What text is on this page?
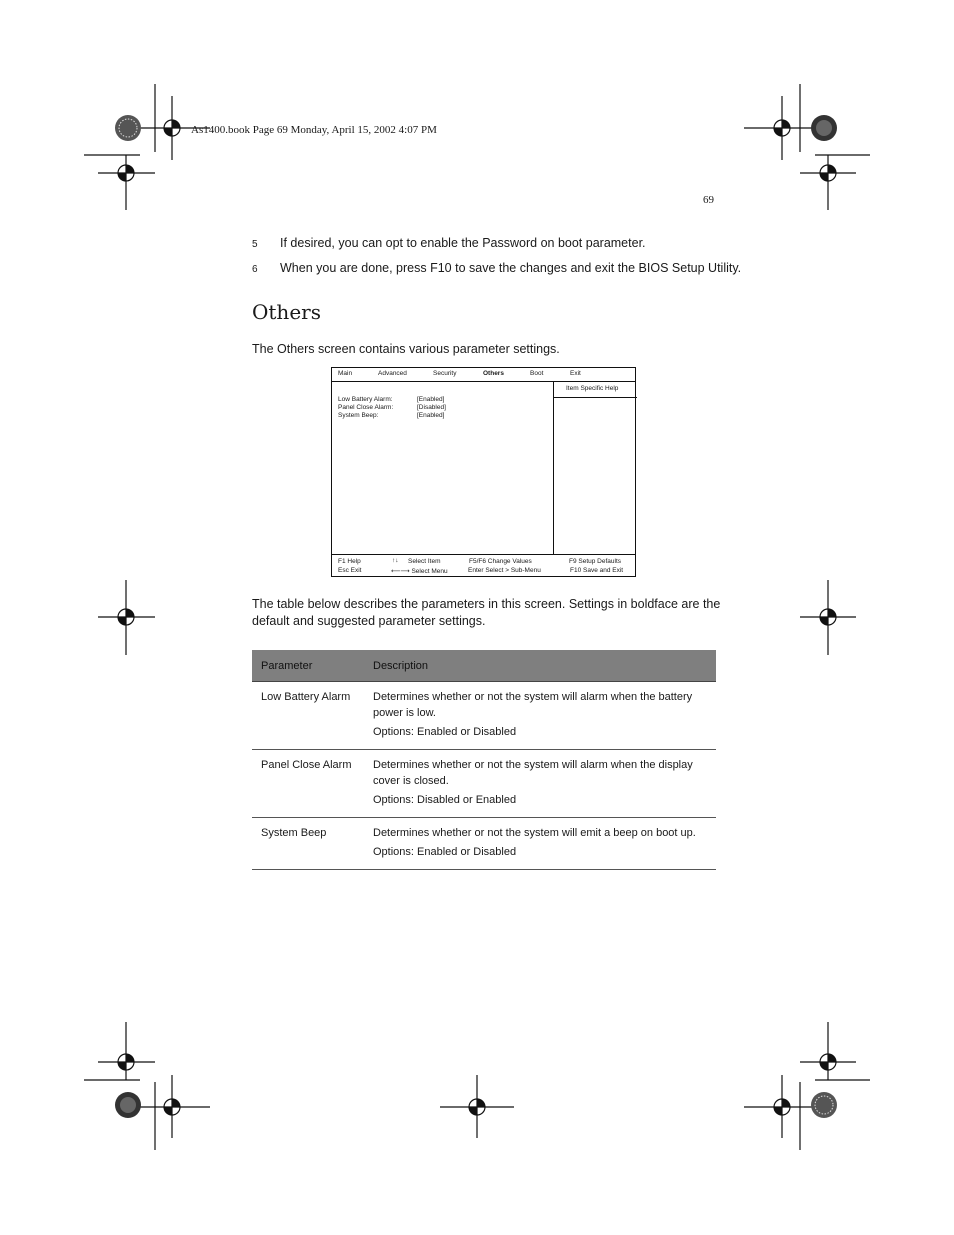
As1400.book Page 69 Monday, April 15, 2002 4:07 PM
69
5 If desired, you can opt to enable the Password on boot parameter.
6 When you are done, press F10 to save the changes and exit the BIOS Setup Utility.
Others
The Others screen contains various parameter settings.
Main	Advanced	Security	Others	Boot	Exit
Low Battery Alarm:	[Enabled]
Panel Close Alarm:	[Disabled]
System Beep:	[Enabled]
Item Specific Help
F1 Help
Esc Exit
↑↓ Select Item
⟵⟶ Select Menu
F5/F6 Change Values
Enter Select > Sub-Menu
F9 Setup Defaults
F10 Save and Exit
The table below describes the parameters in this screen. Settings in boldface are the default and suggested parameter settings.
Parameter	Description
Low Battery Alarm	Determines whether or not the system will alarm when the battery power is low.

Options: Enabled or Disabled

Panel Close Alarm	Determines whether or not the system will alarm when the display cover is closed.

Options: Disabled or Enabled

System Beep	Determines whether or not the system will emit a beep on boot up.

Options: Enabled or Disabled
